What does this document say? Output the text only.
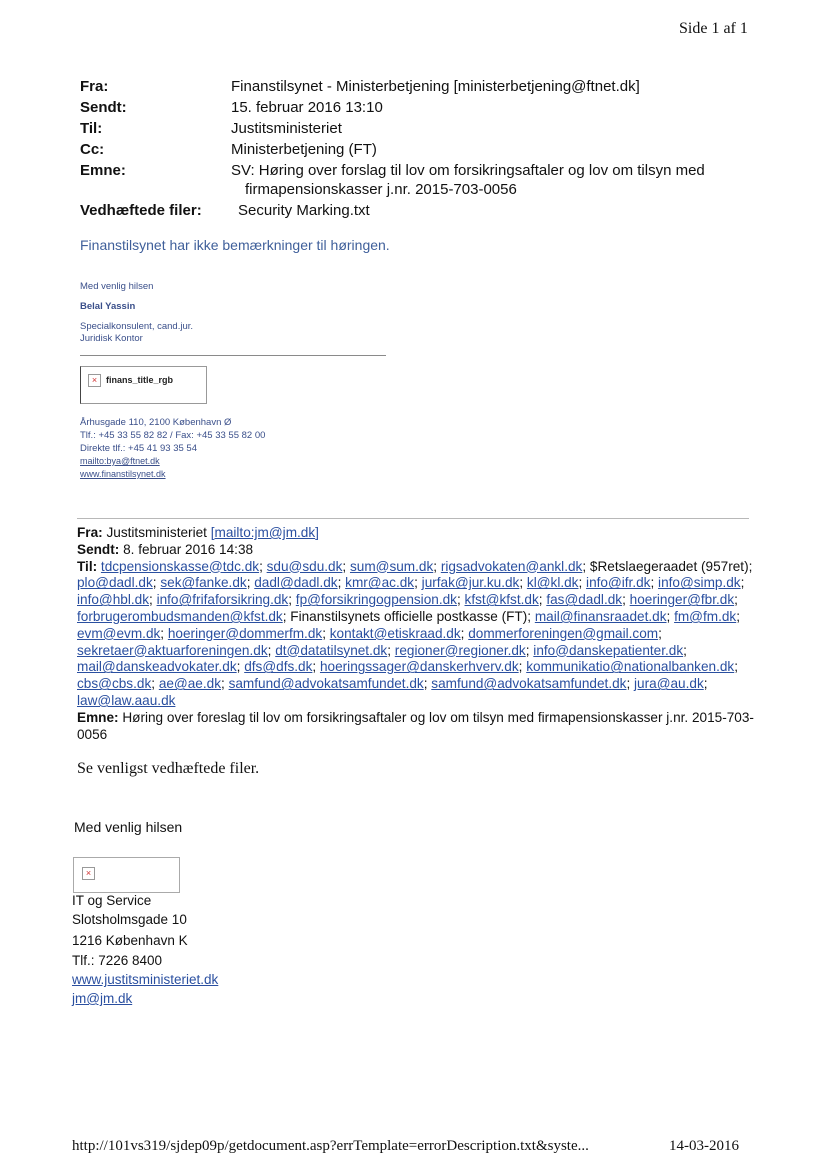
Side 1 af 1
Fra:	Finanstilsynet - Ministerbetjening [ministerbetjening@ftnet.dk]
Sendt:	15. februar 2016 13:10
Til:	Justitsministeriet
Cc:	Ministerbetjening (FT)
Emne:	SV: Høring over forslag til lov om forsikringsaftaler og lov om tilsyn med
firmapensionskasser j.nr. 2015-703-0056
Vedhæftede filer: Security Marking.txt
Finanstilsynet har ikke bemærkninger til høringen.
Med venlig hilsen
Belal Yassin
Specialkonsulent, cand.jur.
Juridisk Kontor
× finans_title_rgb
Århusgade 110, 2100 København Ø
Tlf.: +45 33 55 82 82 / Fax: +45 33 55 82 00
Direkte tlf.: +45 41 93 35 54
mailto:bya@ftnet.dk
www.finanstilsynet.dk
Fra: Justitsministeriet [mailto:jm@jm.dk]
Sendt: 8. februar 2016 14:38
Til: tdcpensionskasse@tdc.dk; sdu@sdu.dk; sum@sum.dk; rigsadvokaten@ankl.dk; $Retslaegeraadet (957ret); plo@dadl.dk; sek@fanke.dk; dadl@dadl.dk; kmr@ac.dk; jurfak@jur.ku.dk; kl@kl.dk; info@ifr.dk; info@simp.dk; info@hbl.dk; info@frifaforsikring.dk; fp@forsikringogpension.dk; kfst@kfst.dk; fas@dadl.dk; hoeringer@fbr.dk; forbrugerombudsmanden@kfst.dk; Finanstilsynets officielle postkasse (FT); mail@finansraadet.dk; fm@fm.dk; evm@evm.dk; hoeringer@dommerfm.dk; kontakt@etiskraad.dk; dommerforeningen@gmail.com; sekretaer@aktuarforeningen.dk; dt@datatilsynet.dk; regioner@regioner.dk; info@danskepatienter.dk; mail@danskeadvokater.dk; dfs@dfs.dk; hoeringssager@danskerhverv.dk; kommunikatio@nationalbanken.dk; cbs@cbs.dk; ae@ae.dk; samfund@advokatsamfundet.dk; samfund@advokatsamfundet.dk; jura@au.dk; law@law.aau.dk
Emne: Høring over foreslag til lov om forsikringsaftaler og lov om tilsyn med firmapensionskasser j.nr. 2015-703-0056
Se venligst vedhæftede filer.
Med venlig hilsen
×
IT og Service
Slotsholmsgade 10
1216 København K
Tlf.: 7226 8400
www.justitsministeriet.dk
jm@jm.dk
http://101vs319/sjdep09p/getdocument.asp?errTemplate=errorDescription.txt&syste...	14-03-2016
